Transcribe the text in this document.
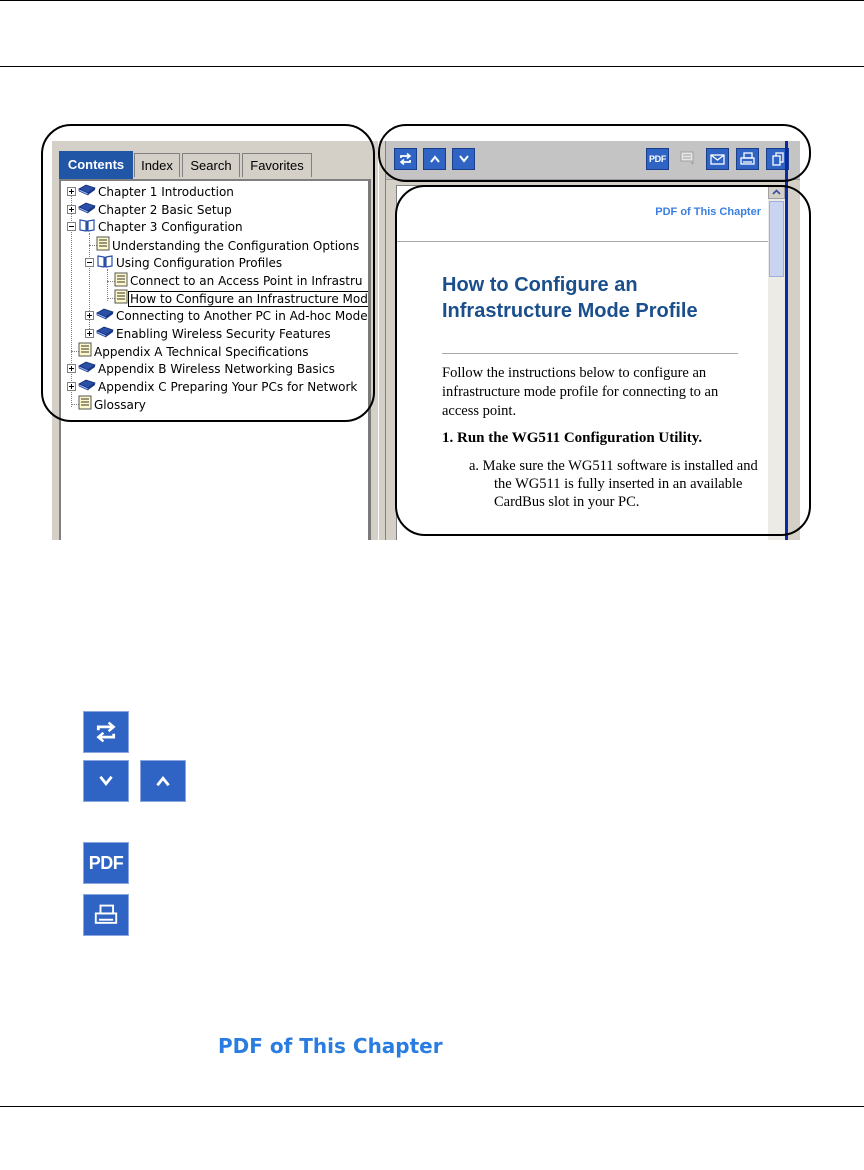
Contents	Index	Search	Favorites
Chapter 1 Introduction
Chapter 2 Basic Setup
Chapter 3 Configuration
Understanding the Configuration Options
Using Configuration Profiles
Connect to an Access Point in Infrastru
How to Configure an Infrastructure Mod
Connecting to Another PC in Ad-hoc Mode
Enabling Wireless Security Features
Appendix A Technical Specifications
Appendix B Wireless Networking Basics
Appendix C Preparing Your PCs for Network
Glossary
PDF
PDF of This Chapter
How to Configure an Infrastructure Mode Profile
Follow the instructions below to configure an infrastructure mode profile for connecting to an access point.
1. Run the WG511 Configuration Utility.
a. Make sure the WG511 software is installed and the WG511 is fully inserted in an available CardBus slot in your PC.
PDF
PDF of This Chapter
